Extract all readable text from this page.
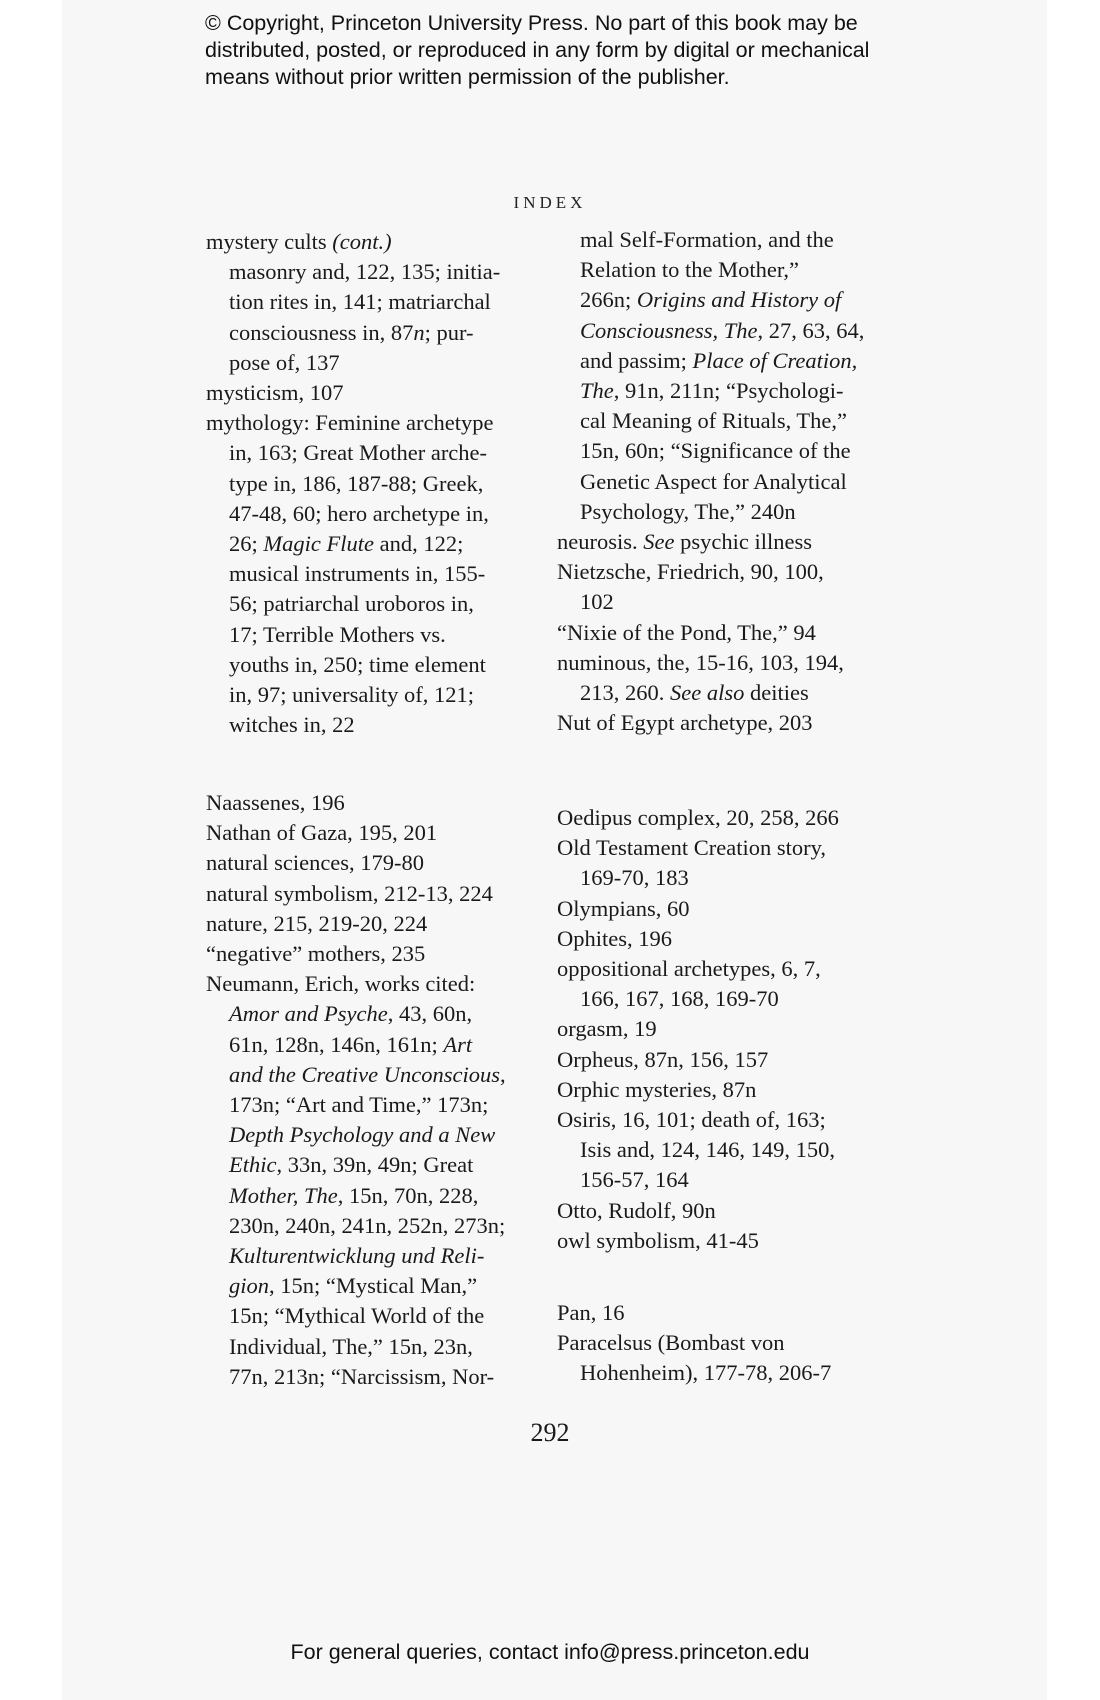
© Copyright, Princeton University Press. No part of this book may be
distributed, posted, or reproduced in any form by digital or mechanical
means without prior written permission of the publisher.
INDEX
mystery cults (cont.)
masonry and, 122, 135; initia-
tion rites in, 141; matriarchal
consciousness in, 87n; pur-
pose of, 137
mysticism, 107
mythology: Feminine archetype
in, 163; Great Mother arche-
type in, 186, 187-88; Greek,
47-48, 60; hero archetype in,
26; Magic Flute and, 122;
musical instruments in, 155-
56; patriarchal uroboros in,
17; Terrible Mothers vs.
youths in, 250; time element
in, 97; universality of, 121;
witches in, 22
Naassenes, 196
Nathan of Gaza, 195, 201
natural sciences, 179-80
natural symbolism, 212-13, 224
nature, 215, 219-20, 224
“negative” mothers, 235
Neumann, Erich, works cited:
Amor and Psyche, 43, 60n,
61n, 128n, 146n, 161n; Art
and the Creative Unconscious,
173n; “Art and Time,” 173n;
Depth Psychology and a New
Ethic, 33n, 39n, 49n; Great
Mother, The, 15n, 70n, 228,
230n, 240n, 241n, 252n, 273n;
Kulturentwicklung und Reli-
gion, 15n; “Mystical Man,”
15n; “Mythical World of the
Individual, The,” 15n, 23n,
77n, 213n; “Narcissism, Nor-
mal Self-Formation, and the
Relation to the Mother,”
266n; Origins and History of
Consciousness, The, 27, 63, 64,
and passim; Place of Creation,
The, 91n, 211n; “Psychologi-
cal Meaning of Rituals, The,”
15n, 60n; “Significance of the
Genetic Aspect for Analytical
Psychology, The,” 240n
neurosis. See psychic illness
Nietzsche, Friedrich, 90, 100,
102
“Nixie of the Pond, The,” 94
numinous, the, 15-16, 103, 194,
213, 260. See also deities
Nut of Egypt archetype, 203
Oedipus complex, 20, 258, 266
Old Testament Creation story,
169-70, 183
Olympians, 60
Ophites, 196
oppositional archetypes, 6, 7,
166, 167, 168, 169-70
orgasm, 19
Orpheus, 87n, 156, 157
Orphic mysteries, 87n
Osiris, 16, 101; death of, 163;
Isis and, 124, 146, 149, 150,
156-57, 164
Otto, Rudolf, 90n
owl symbolism, 41-45
Pan, 16
Paracelsus (Bombast von
Hohenheim), 177-78, 206-7
292
For general queries, contact info@press.princeton.edu
